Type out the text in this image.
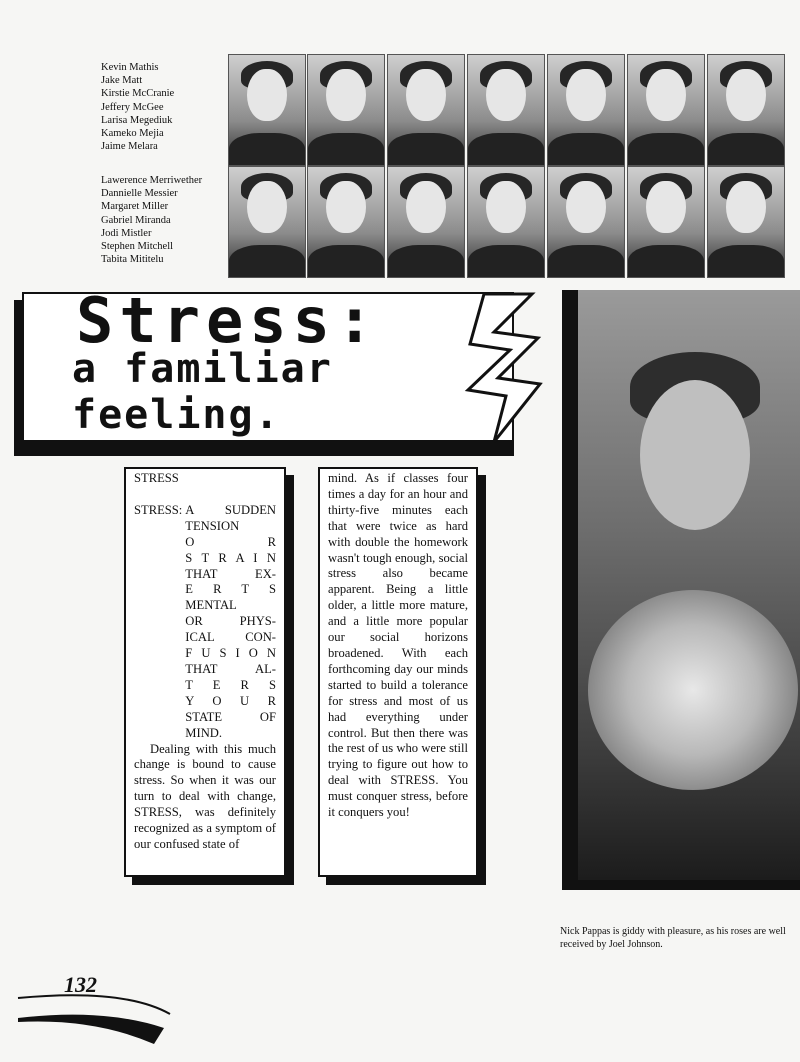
Kevin Mathis
Jake Matt
Kirstie McCranie
Jeffery McGee
Larisa Megediuk
Kameko Mejia
Jaime Melara
Lawerence Merriwether
Dannielle Messier
Margaret Miller
Gabriel Miranda
Jodi Mistler
Stephen Mitchell
Tabita Mititelu
Stress:
a familiar
feeling.
STRESS
STRESS: A SUDDEN
TENSION
O R
S T R A I N
THAT EX-
E R T S
MENTAL
OR PHYS-
ICAL CON-
F U S I O N
THAT AL-
T E R S
Y O U R
STATE OF
MIND.
Dealing with this much change is bound to cause stress. So when it was our turn to deal with change, STRESS, was definitely recognized as a symptom of our confused state of
mind. As if classes four times a day for an hour and thirty-five minutes each that were twice as hard with double the homework wasn't tough enough, social stress also became apparent. Being a little older, a little more mature, and a little more popular our social horizons broadened. With each forthcoming day our minds started to build a tolerance for stress and most of us had everything under control. But then there was the rest of us who were still trying to figure out how to deal with STRESS. You must conquer stress, before it conquers you!
Nick Pappas is giddy with pleasure, as his roses are well received by Joel Johnson.
132
